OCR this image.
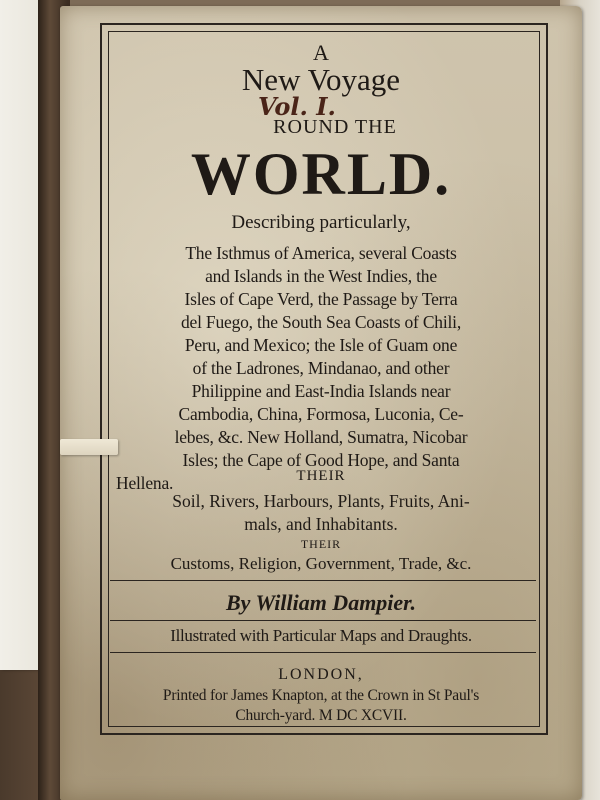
A
New Voyage
Vol. I.
ROUND THE
WORLD.
Describing particularly,
The Isthmus of America, several Coasts
and Islands in the West Indies, the
Isles of Cape Verd, the Passage by Terra
del Fuego, the South Sea Coasts of Chili,
Peru, and Mexico; the Isle of Guam one
of the Ladrones, Mindanao, and other
Philippine and East-India Islands near
Cambodia, China, Formosa, Luconia, Ce-
lebes, &c. New Holland, Sumatra, Nicobar
Isles; the Cape of Good Hope, and Santa
Hellena.	THEIR
Soil, Rivers, Harbours, Plants, Fruits, Ani-
mals, and Inhabitants.
THEIR
Customs, Religion, Government, Trade, &c.
By William Dampier.
Illustrated with Particular Maps and Draughts.
LONDON,
Printed for James Knapton, at the Crown in St Paul's
Church-yard. M DC XCVII.
